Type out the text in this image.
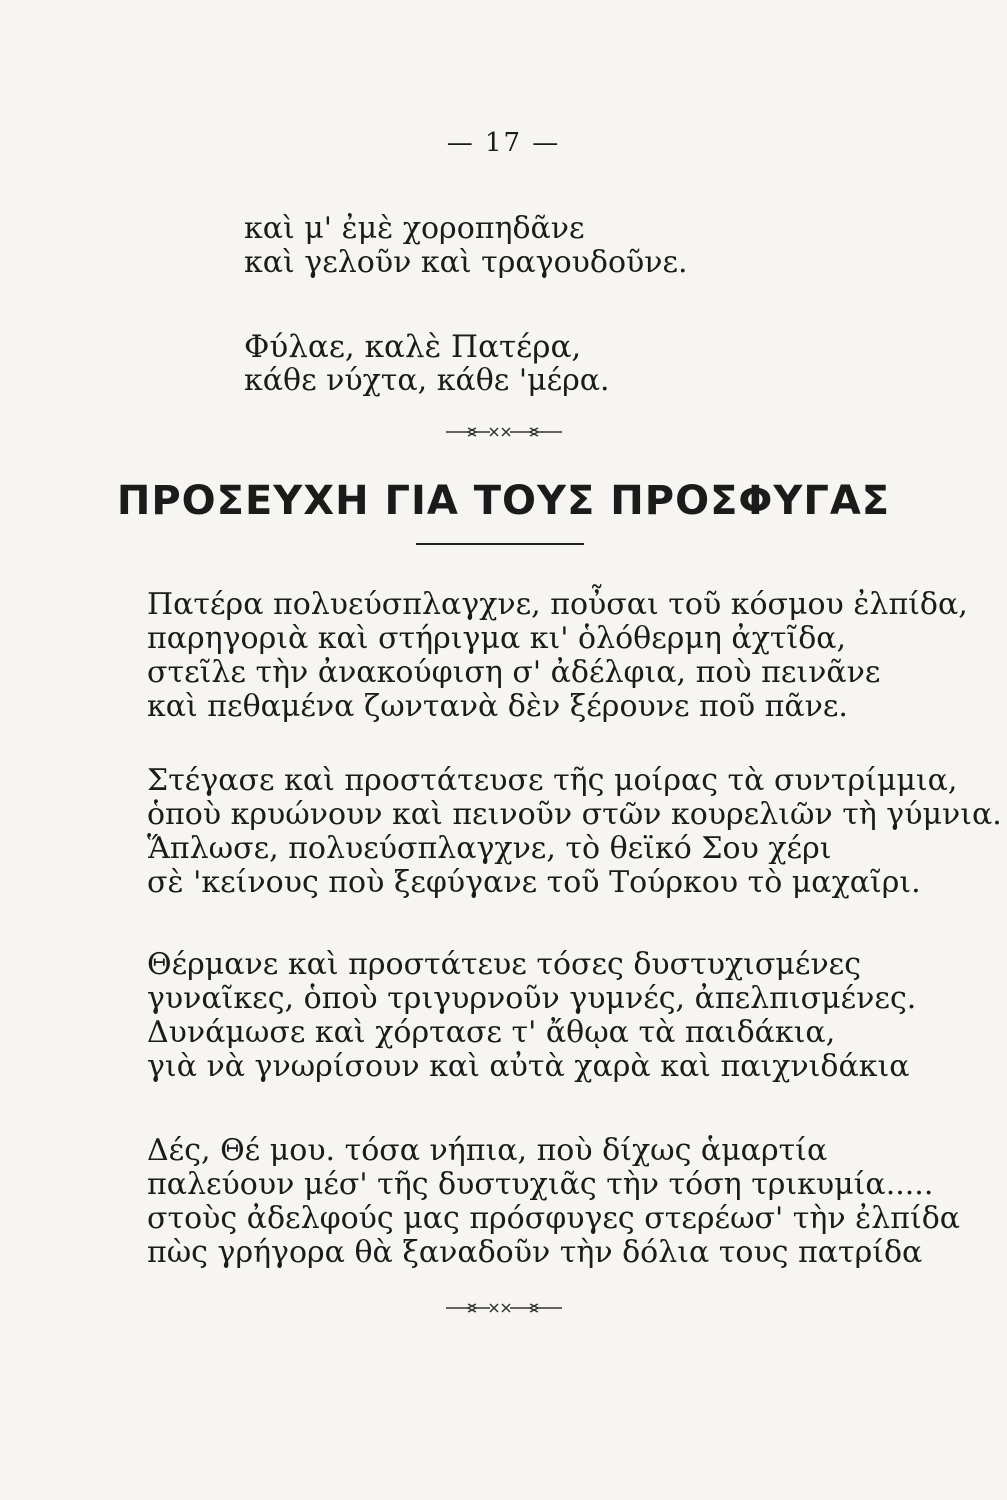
— 17 —
καὶ μ' ἐμὲ χοροπηδᾶνε
καὶ γελοῦν καὶ τραγουδοῦνε.
Φύλαε, καλὲ Πατέρα,
κάθε νύχτα, κάθε 'μέρα.
ΠΡΟΣΕΥΧΗ ΓΙΑ ΤΟΥΣ ΠΡΟΣΦΥΓΑΣ
Πατέρα πολυεύσπλαγχνε, ποὖσαι τοῦ κόσμου ἐλπίδα,
παρηγοριὰ καὶ στήριγμα κι' ὁλόθερμη ἀχτῖδα,
στεῖλε τὴν ἀνακούφιση σ' ἀδέλφια, ποὺ πεινᾶνε
καὶ πεθαμένα ζωντανὰ δὲν ξέρουνε ποῦ πᾶνε.
Στέγασε καὶ προστάτευσε τῆς μοίρας τὰ συντρίμμια,
ὁποὺ κρυώνουν καὶ πεινοῦν στῶν κουρελιῶν τὴ γύμνια.
Ἅπλωσε, πολυεύσπλαγχνε, τὸ θεϊκό Σου χέρι
σὲ 'κείνους ποὺ ξεφύγανε τοῦ Τούρκου τὸ μαχαῖρι.
Θέρμανε καὶ προστάτευε τόσες δυστυχισμένες
γυναῖκες, ὁποὺ τριγυρνοῦν γυμνές, ἀπελπισμένες.
Δυνάμωσε καὶ χόρτασε τ' ἄθῳα τὰ παιδάκια,
γιὰ νὰ γνωρίσουν καὶ αὐτὰ χαρὰ καὶ παιχνιδάκια
Δές, Θέ μου. τόσα νήπια, ποὺ δίχως ἁμαρτία
παλεύουν μέσ' τῆς δυστυχιᾶς τὴν τόση τρικυμία.....
στοὺς ἀδελφούς μας πρόσφυγες στερέωσ' τὴν ἐλπίδα
πὼς γρήγορα θὰ ξαναδοῦν τὴν δόλια τους πατρίδα
